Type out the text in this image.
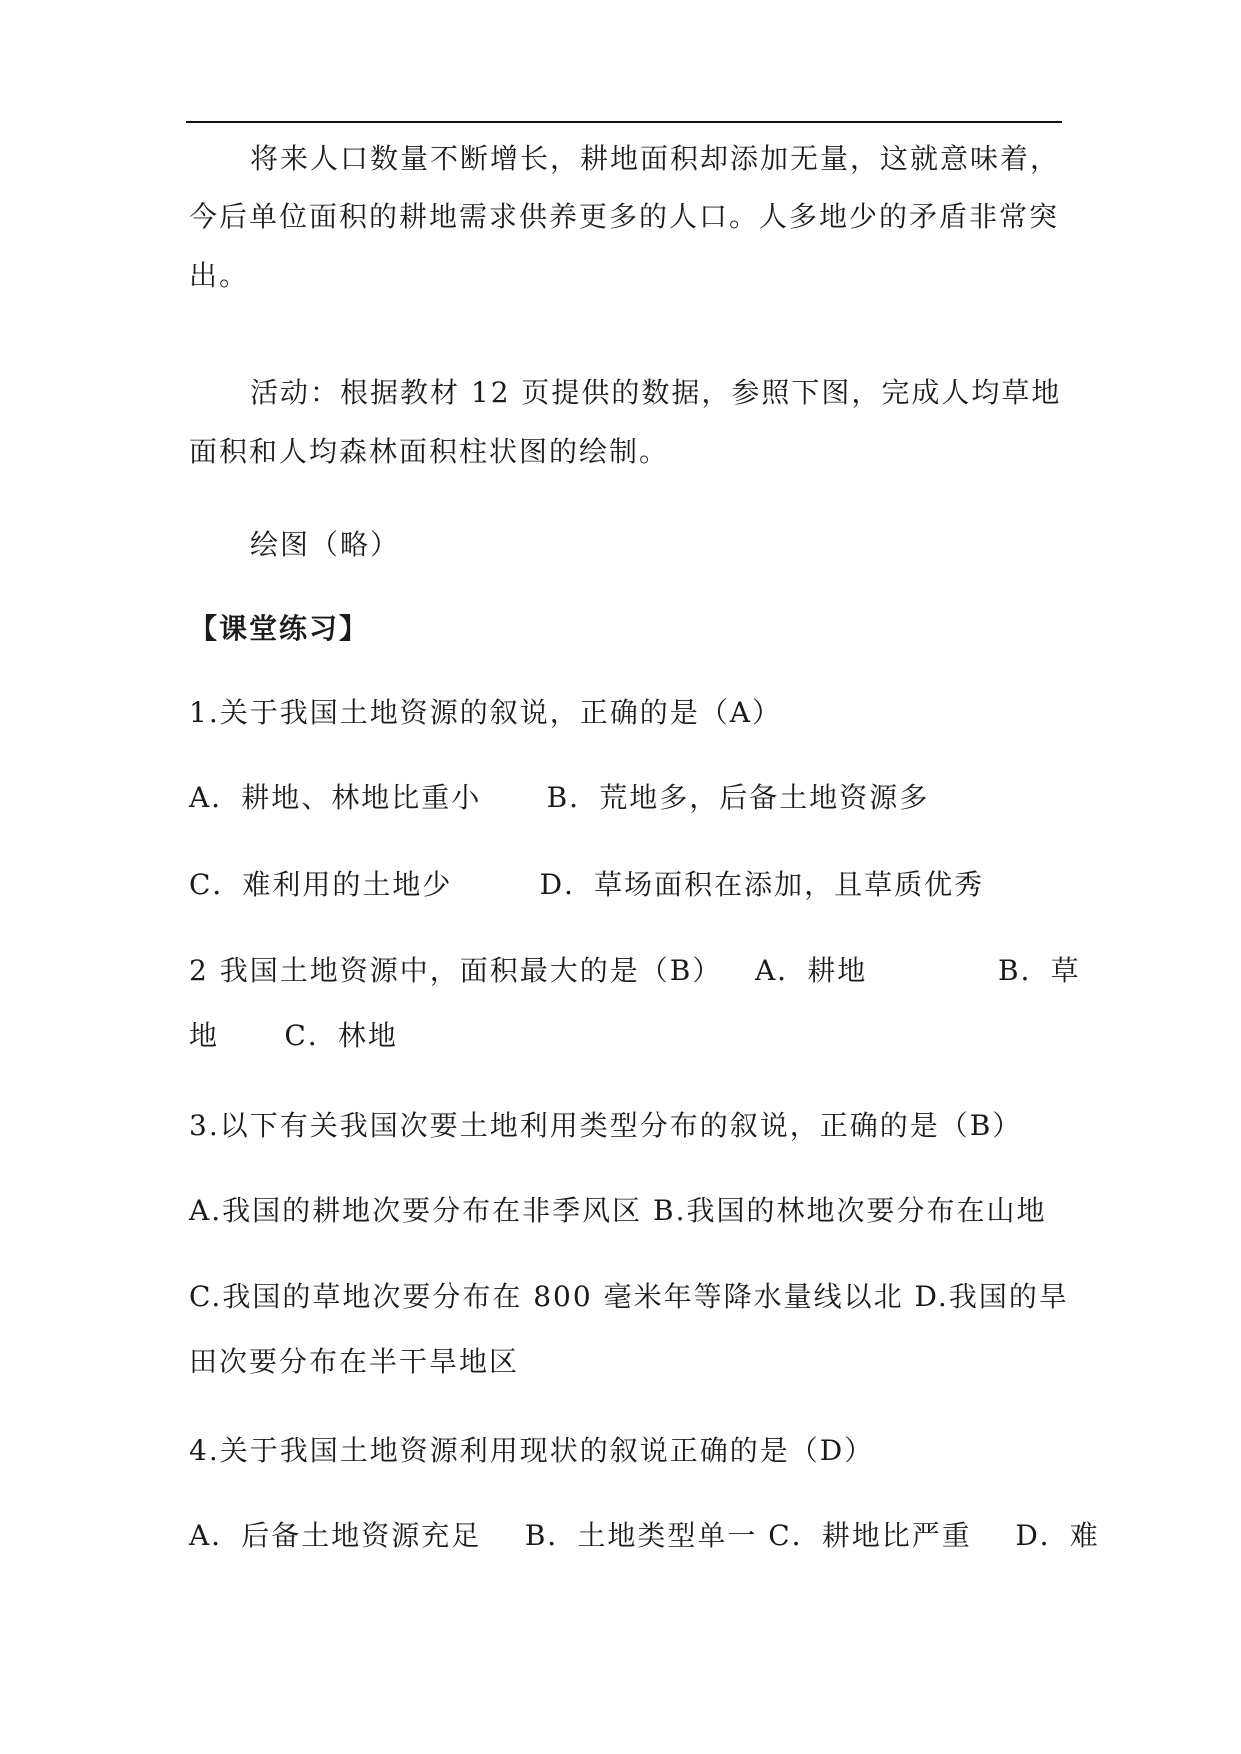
将来人口数量不断增长，耕地面积却添加无量，这就意味着，
今后单位面积的耕地需求供养更多的人口。人多地少的矛盾非常突
出。
活动：根据教材 12 页提供的数据，参照下图，完成人均草地
面积和人均森林面积柱状图的绘制。
绘图（略）
【课堂练习】
1.关于我国土地资源的叙说，正确的是（A）
A．耕地、林地比重小      B．荒地多，后备土地资源多
C．难利用的土地少        D．草场面积在添加，且草质优秀
2 我国土地资源中，面积最大的是（B）   A．耕地            B．草
地      C．林地
3.以下有关我国次要土地利用类型分布的叙说，正确的是（B）
A.我国的耕地次要分布在非季风区 B.我国的林地次要分布在山地
C.我国的草地次要分布在 800 毫米年等降水量线以北 D.我国的旱
田次要分布在半干旱地区
4.关于我国土地资源利用现状的叙说正确的是（D）
A．后备土地资源充足    B．土地类型单一 C．耕地比严重    D．难
